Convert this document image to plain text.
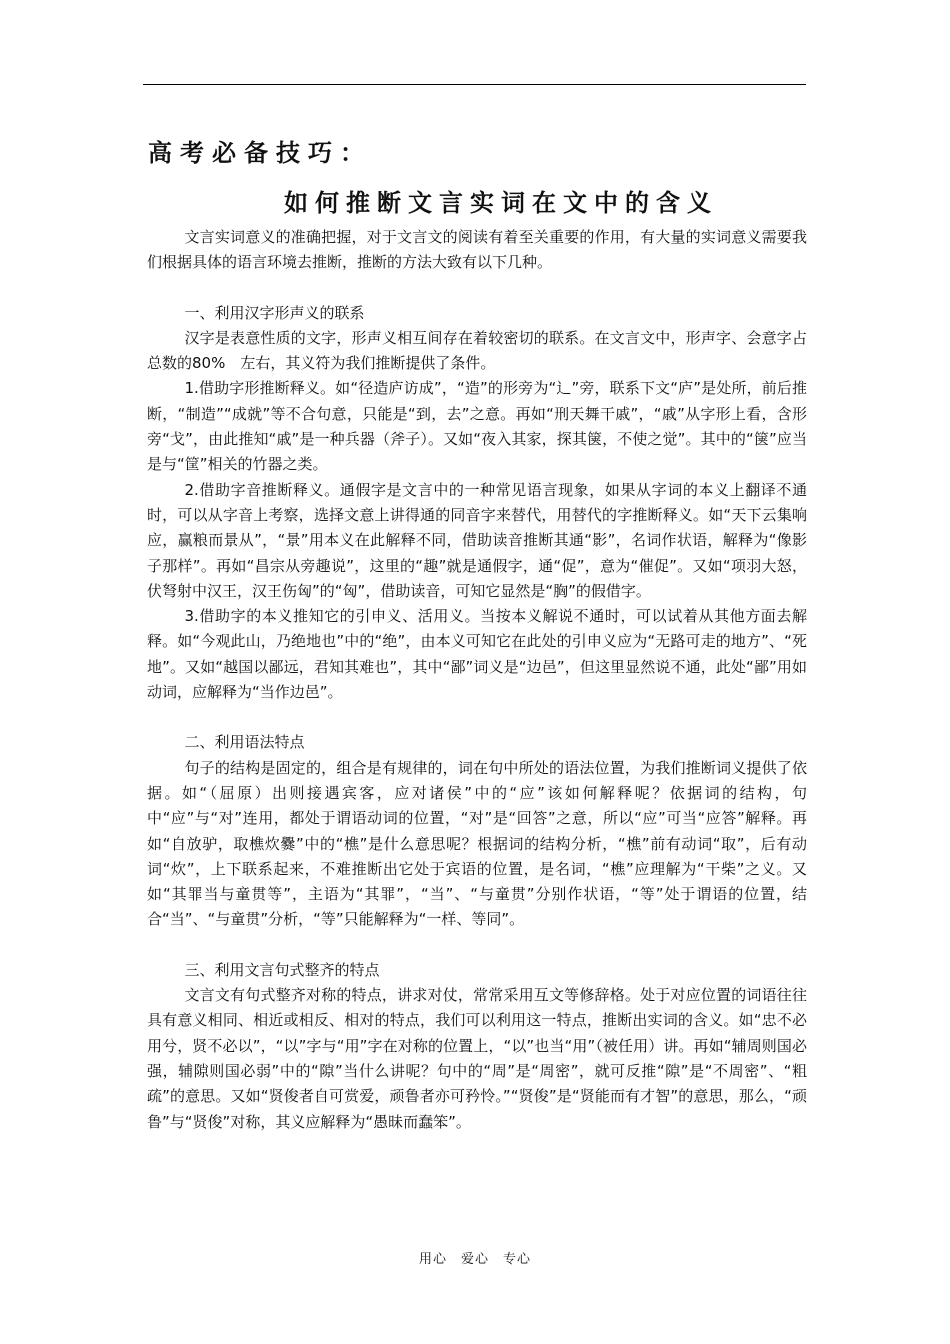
高考必备技巧：
如何推断文言实词在文中的含义

文言实词意义的准确把握，对于文言文的阅读有着至关重要的作用，有大量的实词意义需要我们根据具体的语言环境去推断，推断的方法大致有以下几种。

一、利用汉字形声义的联系

汉字是表意性质的文字，形声义相互间存在着较密切的联系。在文言文中，形声字、会意字占总数的80%　左右，其义符为我们推断提供了条件。

1.借助字形推断释义。如“径造庐访成”，“造”的形旁为“辶”旁，联系下文“庐”是处所，前后推断，“制造”“成就”等不合句意，只能是“到，去”之意。再如“刑天舞干戚”，“戚”从字形上看，含形旁“戈”，由此推知“戚”是一种兵器（斧子）。又如“夜入其家，探其箧，不使之觉”。其中的“箧”应当是与“筐”相关的竹器之类。

2.借助字音推断释义。通假字是文言中的一种常见语言现象，如果从字词的本义上翻译不通时，可以从字音上考察，选择文意上讲得通的同音字来替代，用替代的字推断释义。如“天下云集响应，赢粮而景从”，“景”用本义在此解释不同，借助读音推断其通“影”，名词作状语，解释为“像影子那样”。再如“昌宗从旁趣说”，这里的“趣”就是通假字，通“促”，意为“催促”。又如“项羽大怒，伏弩射中汉王，汉王伤匈”的“匈”，借助读音，可知它显然是“胸”的假借字。

3.借助字的本义推知它的引申义、活用义。当按本义解说不通时，可以试着从其他方面去解释。如“今观此山，乃绝地也”中的“绝”，由本义可知它在此处的引申义应为“无路可走的地方”、“死地”。又如“越国以鄙远，君知其难也”，其中“鄙”词义是“边邑”，但这里显然说不通，此处“鄙”用如动词，应解释为“当作边邑”。

二、利用语法特点

句子的结构是固定的，组合是有规律的，词在句中所处的语法位置，为我们推断词义提供了依据。如“（屈原）出则接遇宾客，应对诸侯”中的“应”该如何解释呢？依据词的结构，句中“应”与“对”连用，都处于谓语动词的位置，“对”是“回答”之意，所以“应”可当“应答”解释。再如“自放驴，取樵炊爨”中的“樵”是什么意思呢？根据词的结构分析，“樵”前有动词“取”，后有动词“炊”，上下联系起来，不难推断出它处于宾语的位置，是名词，“樵”应理解为“干柴”之义。又如“其罪当与童贯等”，主语为“其罪”，“当”、“与童贯”分别作状语，“等”处于谓语的位置，结合“当”、“与童贯”分析，“等”只能解释为“一样、等同”。

三、利用文言句式整齐的特点

文言文有句式整齐对称的特点，讲求对仗，常常采用互文等修辞格。处于对应位置的词语往往具有意义相同、相近或相反、相对的特点，我们可以利用这一特点，推断出实词的含义。如“忠不必用兮，贤不必以”，“以”字与“用”字在对称的位置上，“以”也当“用”（被任用）讲。再如“辅周则国必强，辅隙则国必弱”中的“隙”当什么讲呢？句中的“周”是“周密”，就可反推“隙”是“不周密”、“粗疏”的意思。又如“贤俊者自可赏爱，顽鲁者亦可矜怜。”“贤俊”是“贤能而有才智”的意思，那么，“顽鲁”与“贤俊”对称，其义应解释为“愚昧而蠢笨”。

用心　爱心　专心
